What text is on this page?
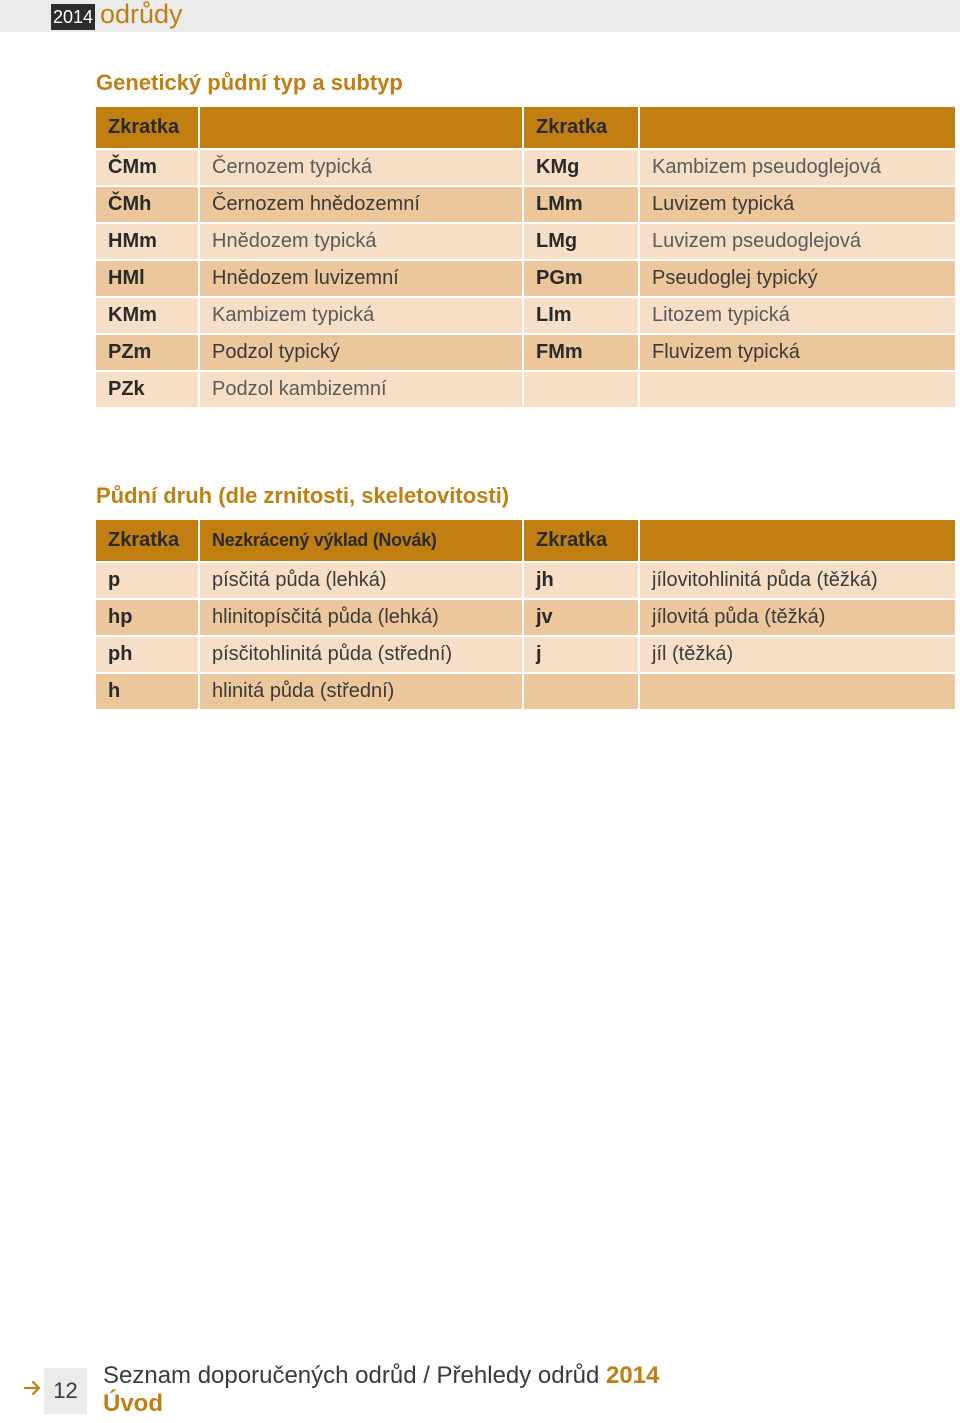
2014 odrůdy
Genetický půdní typ a subtyp
Zkratka		Zkratka	
ČMm	Černozem typická	KMg	Kambizem pseudoglejová
ČMh	Černozem hnědozemní	LMm	Luvizem typická
HMm	Hnědozem typická	LMg	Luvizem pseudoglejová
HMl	Hnědozem luvizemní	PGm	Pseudoglej typický
KMm	Kambizem typická	LIm	Litozem typická
PZm	Podzol typický	FMm	Fluvizem typická
PZk	Podzol kambizemní		
Půdní druh (dle zrnitosti, skeletovitosti)
Zkratka	Nezkrácený výklad (Novák)	Zkratka	
p	písčitá půda (lehká)	jh	jílovitohlinitá půda (těžká)
hp	hlinitopísčitá půda (lehká)	jv	jílovitá půda (těžká)
ph	písčitohlinitá půda (střední)	j	jíl (těžká)
h	hlinitá půda (střední)		
12
Seznam doporučených odrůd / Přehledy odrůd 2014
Úvod
